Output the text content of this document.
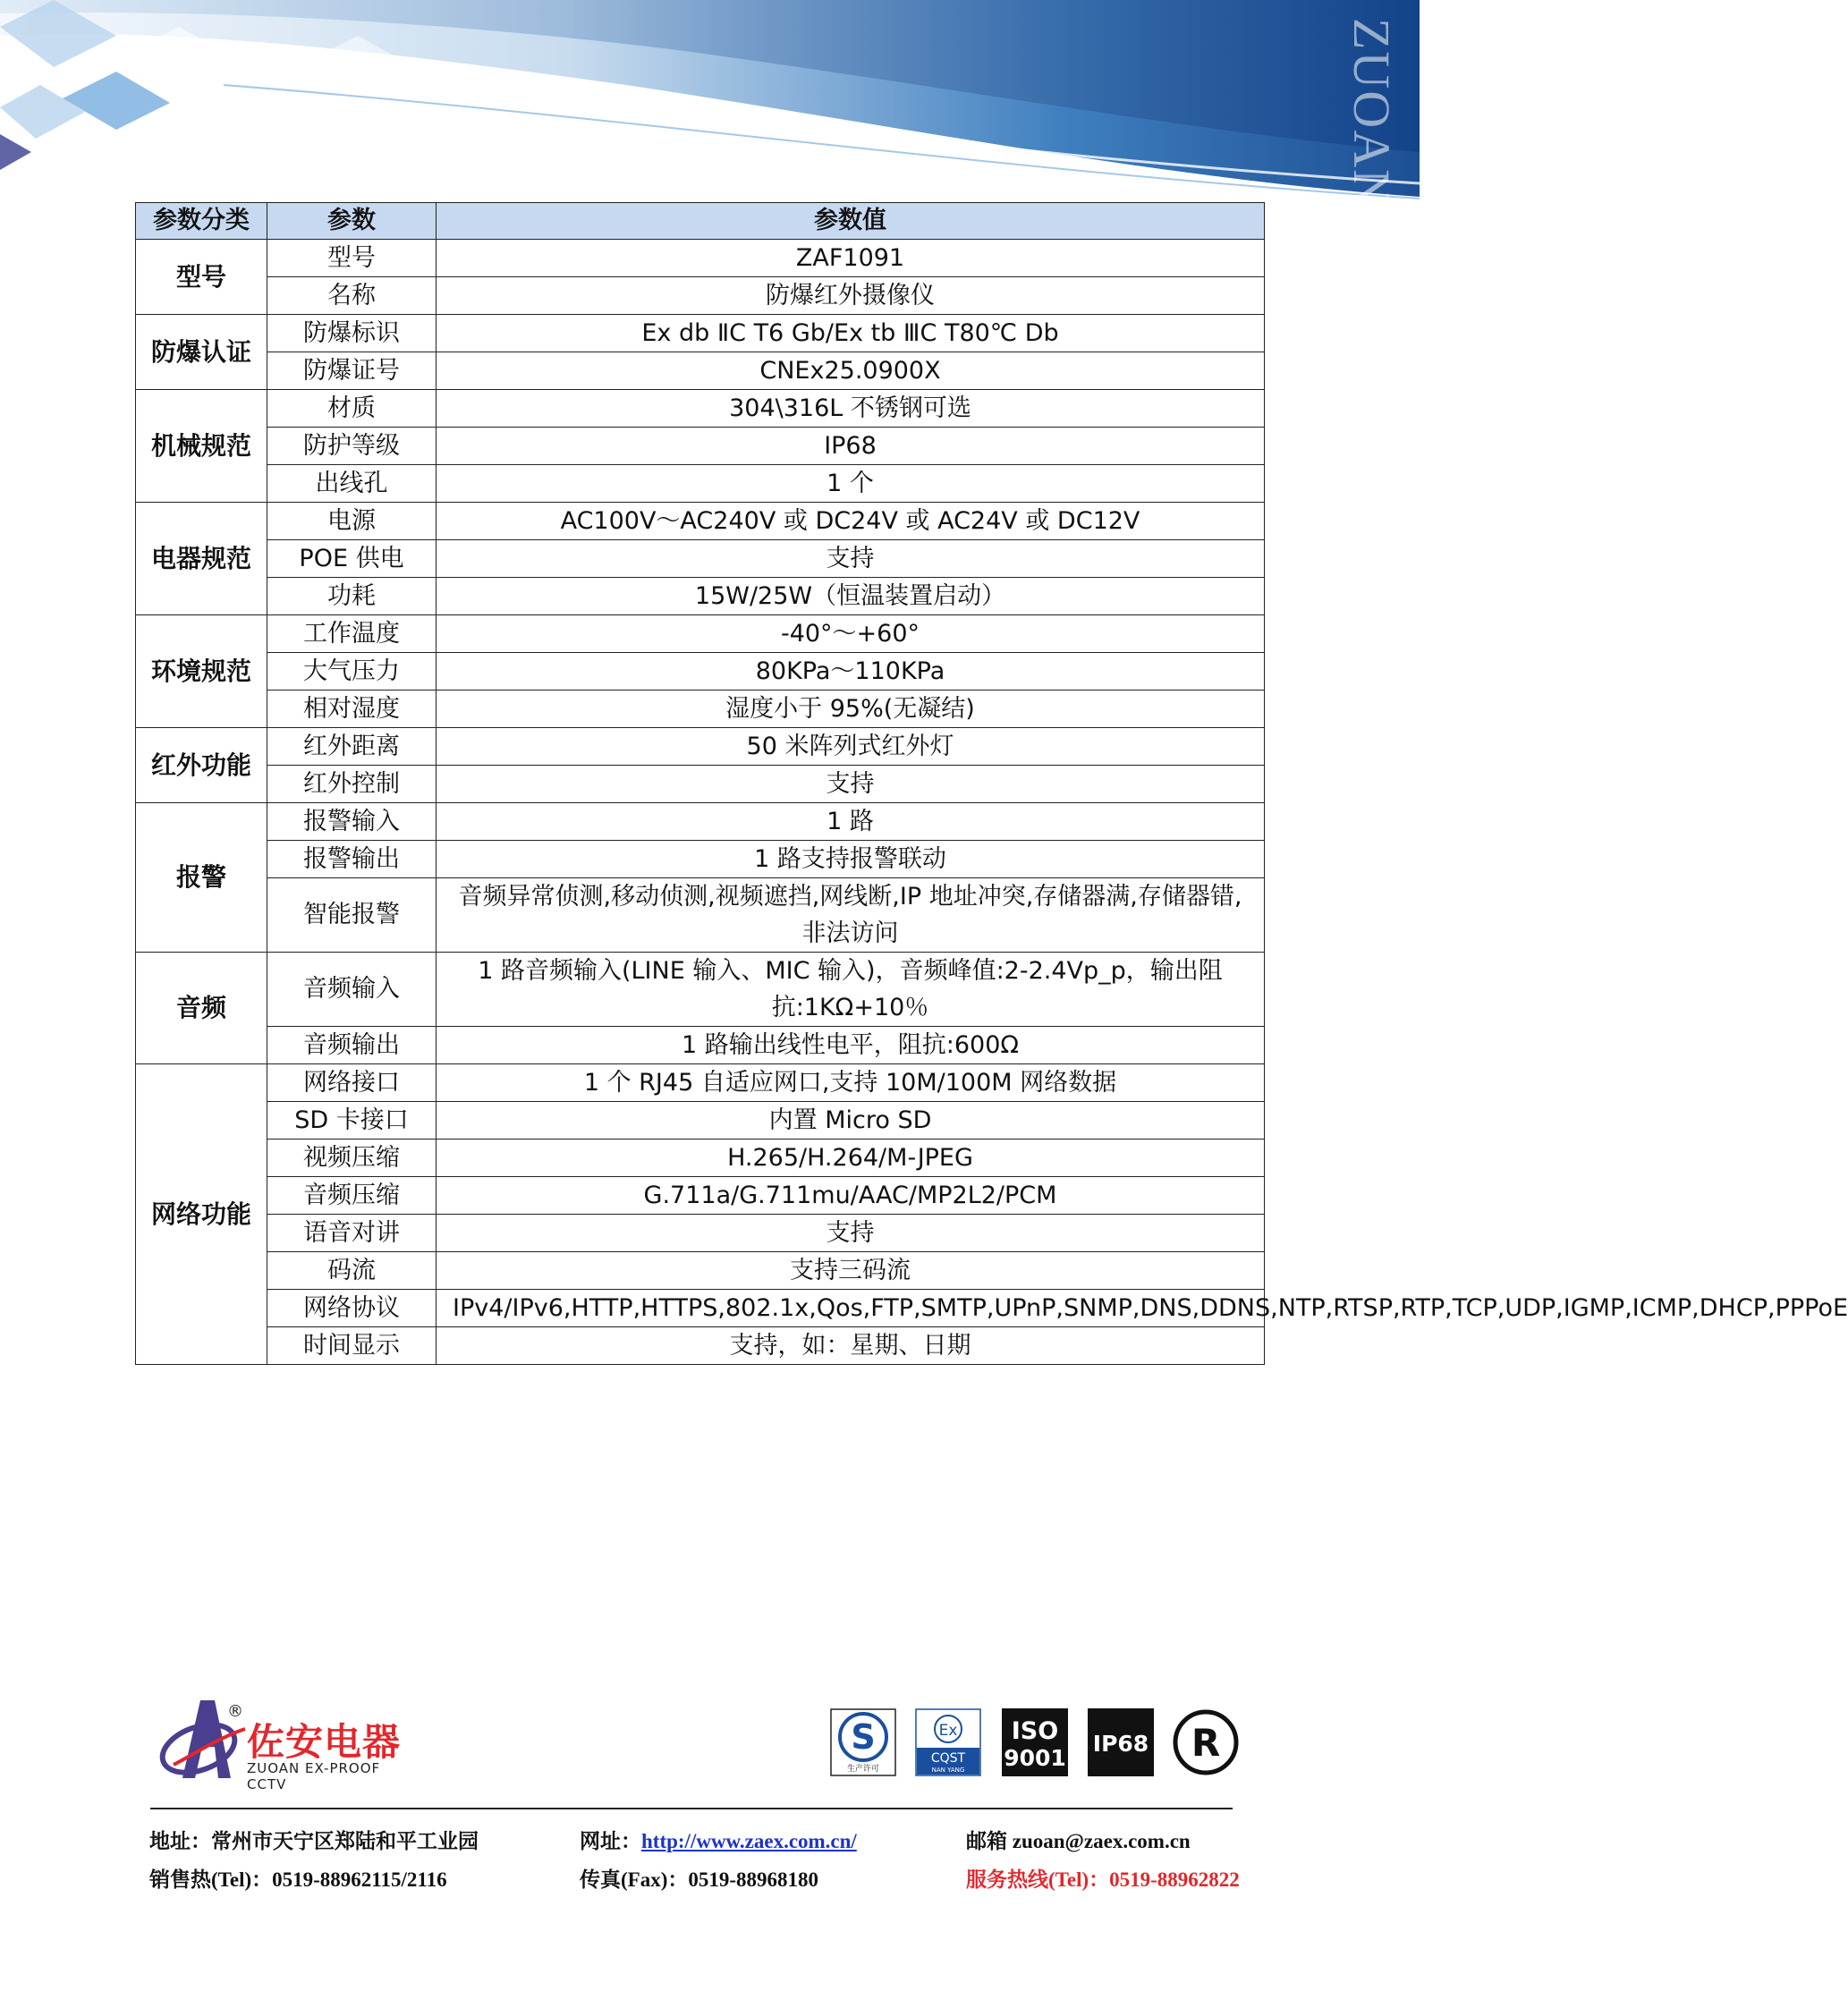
ZUOAN
参数分类	参数	参数值
型号	型号	ZAF1091
	名称	防爆红外摄像仪
防爆认证	防爆标识	Ex db ⅡC T6 Gb/Ex tb ⅢC T80℃ Db
	防爆证号	CNEx25.0900X
机械规范	材质	304\316L 不锈钢可选
	防护等级	IP68
	出线孔	1 个
电器规范	电源	AC100V～AC240V 或 DC24V 或 AC24V 或 DC12V
	POE 供电	支持
	功耗	15W/25W（恒温装置启动）
环境规范	工作温度	-40°～+60°
	大气压力	80KPa～110KPa
	相对湿度	湿度小于 95%(无凝结)
红外功能	红外距离	50 米阵列式红外灯
	红外控制	支持
报警	报警输入	1 路
	报警输出	1 路支持报警联动
	智能报警	音频异常侦测,移动侦测,视频遮挡,网线断,IP 地址冲突,存储器满,存储器错,非法访问
音频	音频输入	1 路音频输入(LINE 输入、MIC 输入)，音频峰值:2-2.4Vp_p，输出阻抗:1KΩ+10％
	音频输出	1 路输出线性电平，阻抗:600Ω
网络功能	网络接口	1 个 RJ45 自适应网口,支持 10M/100M 网络数据
	SD 卡接口	内置 Micro SD
	视频压缩	H.265/H.264/M-JPEG
	音频压缩	G.711a/G.711mu/AAC/MP2L2/PCM
	语音对讲	支持
	码流	支持三码流
	网络协议	IPv4/IPv6,HTTP,HTTPS,802.1x,Qos,FTP,SMTP,UPnP,SNMP,DNS,DDNS,NTP,RTSP,RTP,TCP,UDP,IGMP,ICMP,DHCP,PPPoE
	时间显示	支持，如：星期、日期
®
佐安电器
ZUOAN EX-PROOF CCTV
S
生产许可
Ex
CQST
NAN YANG
ISO
9001
IP68 R
地址：常州市天宁区郑陆和平工业园	网址：http://www.zaex.com.cn/	邮箱 zuoan@zaex.com.cn
销售热(Tel)：0519-88962115/2116	传真(Fax)：0519-88968180	服务热线(Tel)：0519-88962822
